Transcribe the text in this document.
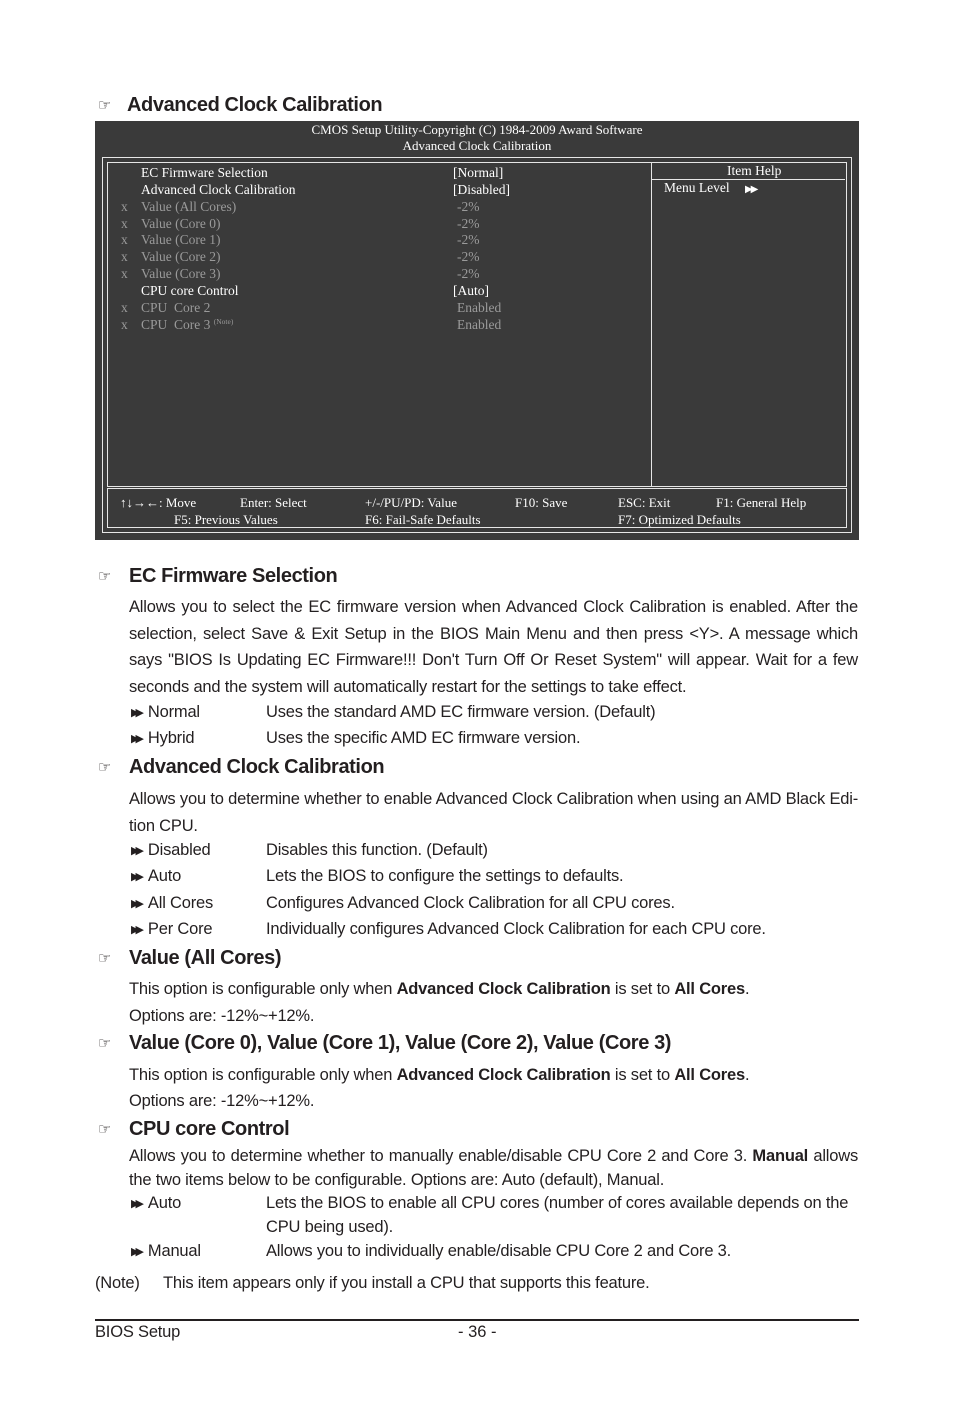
☞ Advanced Clock Calibration
CMOS Setup Utility-Copyright (C) 1984-2009 Award Software
Advanced Clock Calibration
Item Help
Menu Level ▶▶
EC Firmware Selection	[Normal]
Advanced Clock Calibration	[Disabled]
x Value (All Cores)	-2%
x Value (Core 0)	-2%
x Value (Core 1)	-2%
x Value (Core 2)	-2%
x Value (Core 3)	-2%
CPU core Control	[Auto]
x CPU  Core 2	Enabled
x CPU  Core 3 $^{(Note)}$	Enabled
↑↓→←: Move	Enter: Select	+/-/PU/PD: Value	F10: Save	ESC: Exit	F1: General Help
F5: Previous Values	F6: Fail-Safe Defaults	F7: Optimized Defaults
☞ EC Firmware Selection
Allows you to select the EC firmware version when Advanced Clock Calibration is enabled. After the selection, select Save & Exit Setup in the BIOS Main Menu and then press <Y>. A message which says "BIOS Is Updating EC Firmware!!! Don't Turn Off Or Reset System" will appear. Wait for a few seconds and the system will automatically restart for the settings to take effect.
▶▶ Normal	Uses the standard AMD EC firmware version. (Default)
▶▶ Hybrid	Uses the specific AMD EC firmware version.
☞ Advanced Clock Calibration
Allows you to determine whether to enable Advanced Clock Calibration when using an AMD Black Edi-tion CPU.
▶▶ Disabled	Disables this function. (Default)
▶▶ Auto	Lets the BIOS to configure the settings to defaults.
▶▶ All Cores	Configures Advanced Clock Calibration for all CPU cores.
▶▶ Per Core	Individually configures Advanced Clock Calibration for each CPU core.
☞ Value (All Cores)
This option is configurable only when Advanced Clock Calibration is set to All Cores.
Options are: -12%~+12%.
☞ Value (Core 0), Value (Core 1), Value (Core 2), Value (Core 3)
This option is configurable only when Advanced Clock Calibration is set to All Cores.
Options are: -12%~+12%.
☞ CPU core Control
Allows you to determine whether to manually enable/disable CPU Core 2 and Core 3. Manual allows the two items below to be configurable. Options are: Auto (default), Manual.
▶▶ Auto	Lets the BIOS to enable all CPU cores (number of cores available depends on the
CPU being used).
▶▶ Manual	Allows you to individually enable/disable CPU Core 2 and Core 3.
(Note) This item appears only if you install a CPU that supports this feature.
BIOS Setup	- 36 -
